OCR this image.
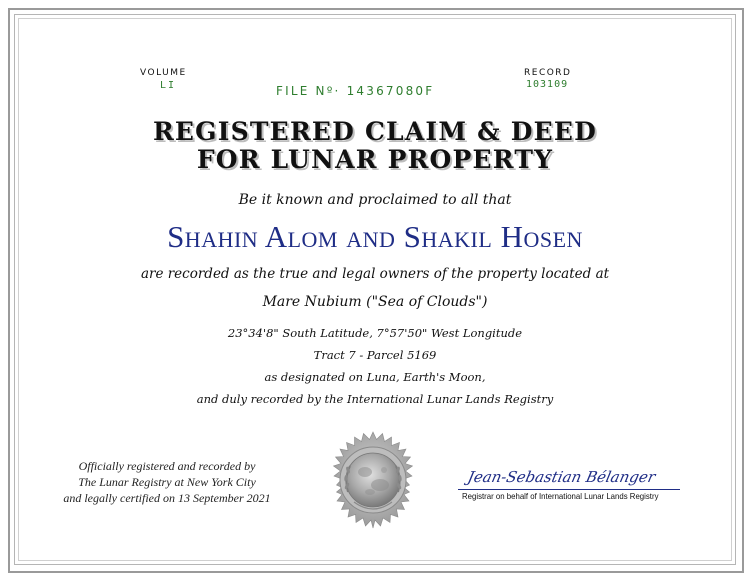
VOLUME
LI	FILE Nº· 14367080F
RECORD
103109
REGISTERED CLAIM & DEED
FOR LUNAR PROPERTY
Be it known and proclaimed to all that
Shahin Alom and Shakil Hosen
are recorded as the true and legal owners of the property located at
Mare Nubium ("Sea of Clouds")
23°34'8" South Latitude, 7°57'50" West Longitude
Tract 7 - Parcel 5169
as designated on Luna, Earth's Moon,
and duly recorded by the International Lunar Lands Registry
Officially registered and recorded by
The Lunar Registry at New York City
and legally certified on 13 September 2021
Jean-Sebastian Bélanger
Registrar on behalf of International Lunar Lands Registry
